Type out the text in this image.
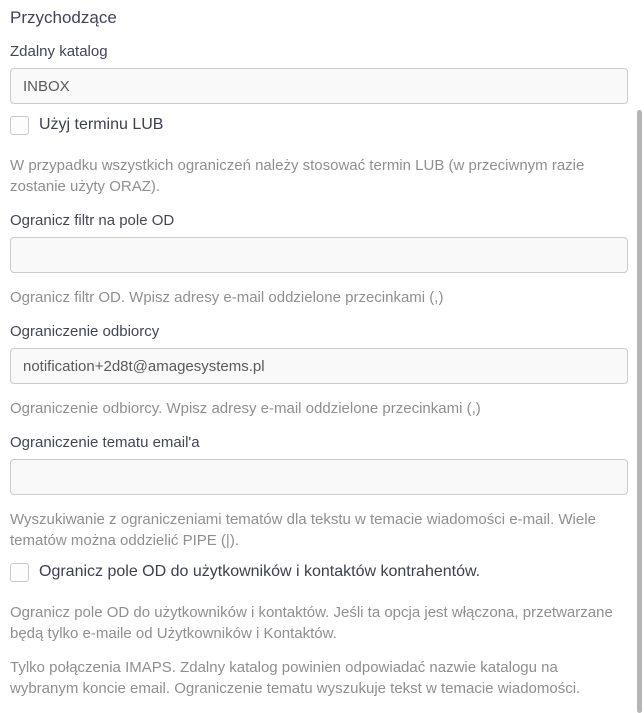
Przychodzące
Zdalny katalog
INBOX
Użyj terminu LUB

W przypadku wszystkich ograniczeń należy stosować termin LUB (w przeciwnym razie zostanie użyty ORAZ).

Ogranicz filtr na pole OD

Ogranicz filtr OD. Wpisz adresy e-mail oddzielone przecinkami (,)

Ograniczenie odbiorcy
notification+2d8t@amagesystems.pl

Ograniczenie odbiorcy. Wpisz adresy e-mail oddzielone przecinkami (,)

Ograniczenie tematu email'a

Wyszukiwanie z ograniczeniami tematów dla tekstu w temacie wiadomości e-mail. Wiele tematów można oddzielić PIPE (|).

Ogranicz pole OD do użytkowników i kontaktów kontrahentów.

Ogranicz pole OD do użytkowników i kontaktów. Jeśli ta opcja jest włączona, przetwarzane będą tylko e-maile od Użytkowników i Kontaktów.

Tylko połączenia IMAPS. Zdalny katalog powinien odpowiadać nazwie katalogu na wybranym koncie email. Ograniczenie tematu wyszukuje tekst w temacie wiadomości.
